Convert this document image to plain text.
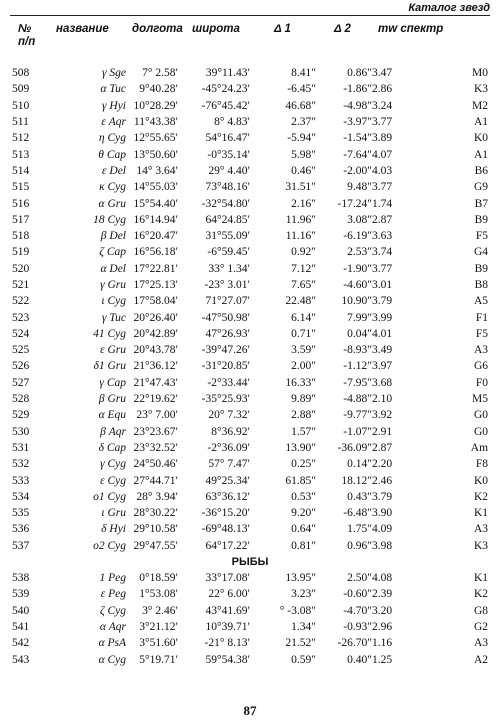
Каталог звезд
№
п/п	название	долгота	широта	Δ 1	Δ 2	mw спектр	
508	γ Sge	7° 2.58′	39°11.43′	8.41″	0.86″	3.47	M0
509	α Tuc	9°40.28′	-45°24.23′	-6.45″	-1.86″	2.86	K3
510	γ Hyi	10°28.29′	-76°45.42′	46.68″	-4.98″	3.24	M2
511	ε Aqr	11°43.38′	8° 4.83′	2.37″	-3.97″	3.77	A1
512	η Cyg	12°55.65′	54°16.47′	-5.94″	-1.54″	3.89	K0
513	θ Cap	13°50.60′	-0°35.14′	5.98″	-7.64″	4.07	A1
514	ε Del	14° 3.64′	29° 4.40′	0.46″	-2.00″	4.03	B6
515	κ Cyg	14°55.03′	73°48.16′	31.51″	9.48″	3.77	G9
516	α Gru	15°54.40′	-32°54.80′	2.16″	-17.24″	1.74	B7
517	18 Cyg	16°14.94′	64°24.85′	11.96″	3.08″	2.87	B9
518	β Del	16°20.47′	31°55.09′	11.16″	-6.19″	3.63	F5
519	ζ Cap	16°56.18′	-6°59.45′	0.92″	2.53″	3.74	G4
520	α Del	17°22.81′	33° 1.34′	7.12″	-1.90″	3.77	B9
521	γ Gru	17°25.13′	-23° 3.01′	7.65″	-4.60″	3.01	B8
522	ι Cyg	17°58.04′	71°27.07′	22.48″	10.90″	3.79	A5
523	γ Tuc	20°26.40′	-47°50.98′	6.14″	7.99″	3.99	F1
524	41 Cyg	20°42.89′	47°26.93′	0.71″	0.04″	4.01	F5
525	ε Gru	20°43.78′	-39°47.26′	3.59″	-8.93″	3.49	A3
526	δ1 Gru	21°36.12′	-31°20.85′	2.00″	-1.12″	3.97	G6
527	γ Cap	21°47.43′	-2°33.44′	16.33″	-7.95″	3.68	F0
528	β Gru	22°19.62′	-35°25.93′	9.89″	-4.88″	2.10	M5
529	α Equ	23° 7.00′	20° 7.32′	2.88″	-9.77″	3.92	G0
530	β Aqr	23°23.67′	8°36.92′	1.57″	-1.07″	2.91	G0
531	δ Cap	23°32.52′	-2°36.09′	13.90″	-36.09″	2.87	Am
532	γ Cyg	24°50.46′	57° 7.47′	0.25″	0.14″	2.20	F8
533	ε Cyg	27°44.71′	49°25.34′	61.85″	18.12″	2.46	K0
534	ο1 Cyg	28° 3.94′	63°36.12′	0.53″	0.43″	3.79	K2
535	ι Gru	28°30.22′	-36°15.20′	9.20″	-6.48″	3.90	K1
536	δ Hyi	29°10.58′	-69°48.13′	0.64″	1.75″	4.09	A3
537	ο2 Cyg	29°47.55′	64°17.22′	0.81″	0.96″	3.98	K3
РЫБЫ							
538	1 Peg	0°18.59′	33°17.08′	13.95″	2.50″	4.08	K1
539	ε Peg	1°53.08′	22° 6.00′	3.23″	-0.60″	2.39	K2
540	ζ Cyg	3° 2.46′	43°41.69′	° -3.08″	-4.70″	3.20	G8
541	α Aqr	3°21.12′	10°39.71′	1.34″	-0.93″	2.96	G2
542	α PsA	3°51.60′	-21° 8.13′	21.52″	-26.70″	1.16	A3
543	α Cyg	5°19.71′	59°54.38′	0.59″	0.40″	1.25	A2
87
